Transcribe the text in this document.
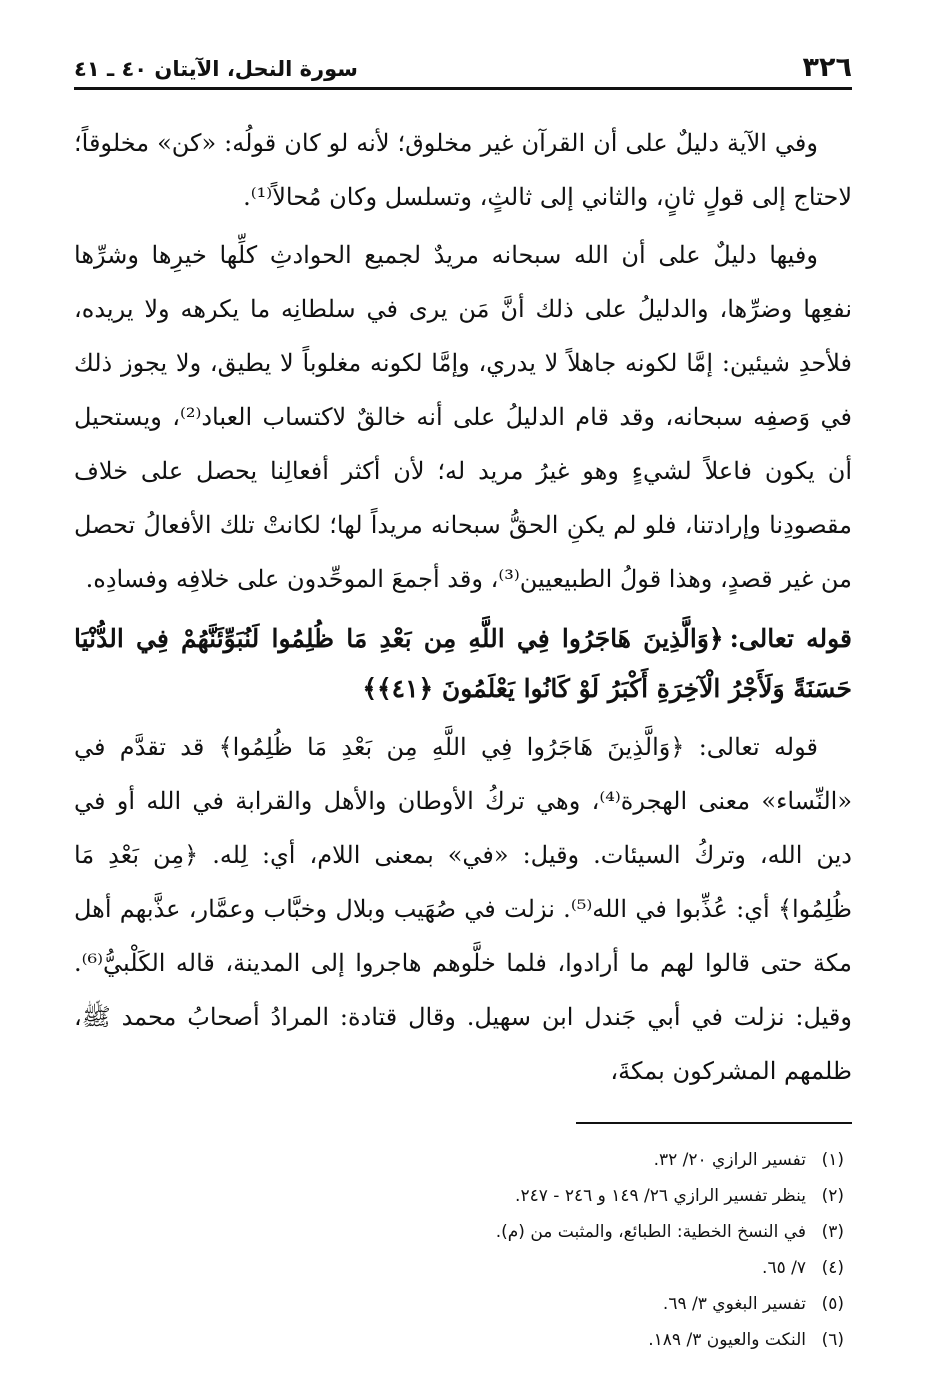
٣٢٦
سورة النحل، الآيتان ٤٠ ـ ٤١

وفي الآية دليلٌ على أن القرآن غير مخلوق؛ لأنه لو كان قولُه: «كن» مخلوقاً؛ لاحتاج إلى قولٍ ثانٍ، والثاني إلى ثالثٍ، وتسلسل وكان مُحالاً⁽¹⁾.

وفيها دليلٌ على أن الله سبحانه مريدٌ لجميع الحوادثِ كلِّها خيرِها وشرِّها نفعِها وضرِّها، والدليلُ على ذلك أنَّ مَن يرى في سلطانِه ما يكرهه ولا يريده، فلأحدِ شيئين: إمَّا لكونه جاهلاً لا يدري، وإمَّا لكونه مغلوباً لا يطيق، ولا يجوز ذلك في وَصفِه سبحانه، وقد قام الدليلُ على أنه خالقٌ لاكتساب العباد⁽²⁾، ويستحيل أن يكون فاعلاً لشيءٍ وهو غيرُ مريد له؛ لأن أكثر أفعالِنا يحصل على خلاف مقصودِنا وإرادتنا، فلو لم يكنِ الحقُّ سبحانه مريداً لها؛ لكانتْ تلك الأفعالُ تحصل من غير قصدٍ، وهذا قولُ الطبيعيين⁽³⁾، وقد أجمعَ الموحِّدون على خلافِه وفسادِه.

قوله تعالى:﴿وَالَّذِينَ هَاجَرُوا فِي اللَّهِ مِن بَعْدِ مَا ظُلِمُوا لَنُبَوِّئَنَّهُمْ فِي الدُّنْيَا حَسَنَةً وَلَأَجْرُ الْآخِرَةِ أَكْبَرُ لَوْ كَانُوا يَعْلَمُونَ ﴿٤١﴾﴾

قوله تعالى: ﴿وَالَّذِينَ هَاجَرُوا فِي اللَّهِ مِن بَعْدِ مَا ظُلِمُوا﴾ قد تقدَّم في «النِّساء» معنى الهجرة⁽⁴⁾، وهي تركُ الأوطان والأهل والقرابة في الله أو في دين الله، وتركُ السيئات. وقيل: «في» بمعنى اللام، أي: لِله. ﴿مِن بَعْدِ مَا ظُلِمُوا﴾ أي: عُذِّبوا في الله⁽⁵⁾. نزلت في صُهَيب وبلال وخبَّاب وعمَّار، عذَّبهم أهل مكة حتى قالوا لهم ما أرادوا، فلما خلَّوهم هاجروا إلى المدينة، قاله الكَلْبيُّ⁽⁶⁾. وقيل: نزلت في أبي جَندل ابن سهيل. وقال قتادة: المرادُ أصحابُ محمد ﷺ، ظلمهم المشركون بمكةَ،

(١)تفسير الرازي ٢٠/ ٣٢.
(٢)ينظر تفسير الرازي ٢٦/ ١٤٩ و ٢٤٦ - ٢٤٧.
(٣)في النسخ الخطية: الطبائع، والمثبت من (م).
(٤)٧/ ٦٥.
(٥)تفسير البغوي ٣/ ٦٩.
(٦)النكت والعيون ٣/ ١٨٩.
